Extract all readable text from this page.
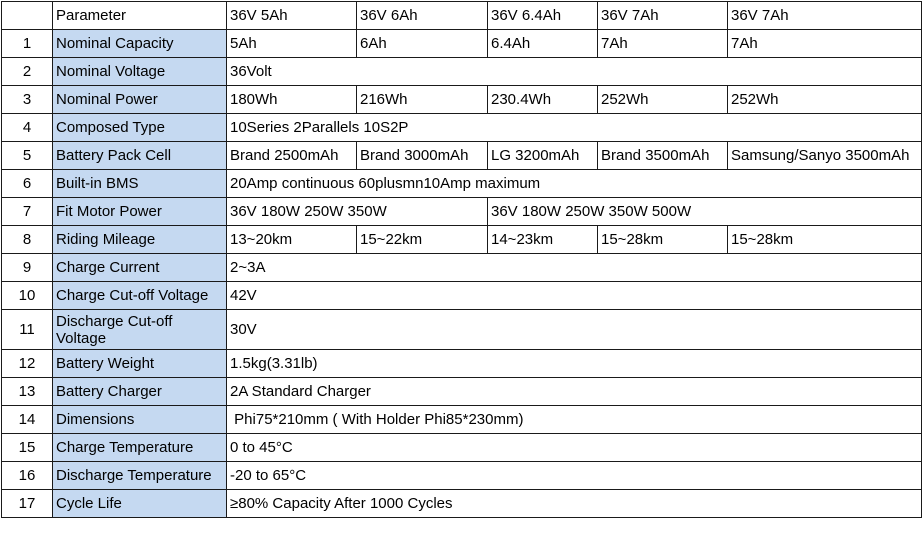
	Parameter	36V 5Ah	36V 6Ah	36V 6.4Ah	36V 7Ah	36V 7Ah
1	Nominal Capacity	5Ah	6Ah	6.4Ah	7Ah	7Ah
2	Nominal Voltage	36Volt				
3	Nominal Power	180Wh	216Wh	230.4Wh	252Wh	252Wh
4	Composed Type	10Series 2Parallels 10S2P				
5	Battery Pack Cell	Brand 2500mAh	Brand 3000mAh	LG 3200mAh	Brand 3500mAh	Samsung/Sanyo 3500mAh
6	Built-in BMS	20Amp continuous 60plusmn10Amp maximum				
7	Fit Motor Power	36V 180W 250W 350W		36V 180W 250W 350W 500W		
8	Riding Mileage	13~20km	15~22km	14~23km	15~28km	15~28km
9	Charge Current	2~3A				
10	Charge Cut-off Voltage	42V				
11	Discharge Cut-off Voltage	30V				
12	Battery Weight	1.5kg(3.31lb)				
13	Battery Charger	2A Standard Charger				
14	Dimensions	Phi75*210mm ( With Holder Phi85*230mm)				
15	Charge Temperature	0 to 45°C				
16	Discharge Temperature	-20 to 65°C				
17	Cycle Life	≥80% Capacity After 1000 Cycles				
